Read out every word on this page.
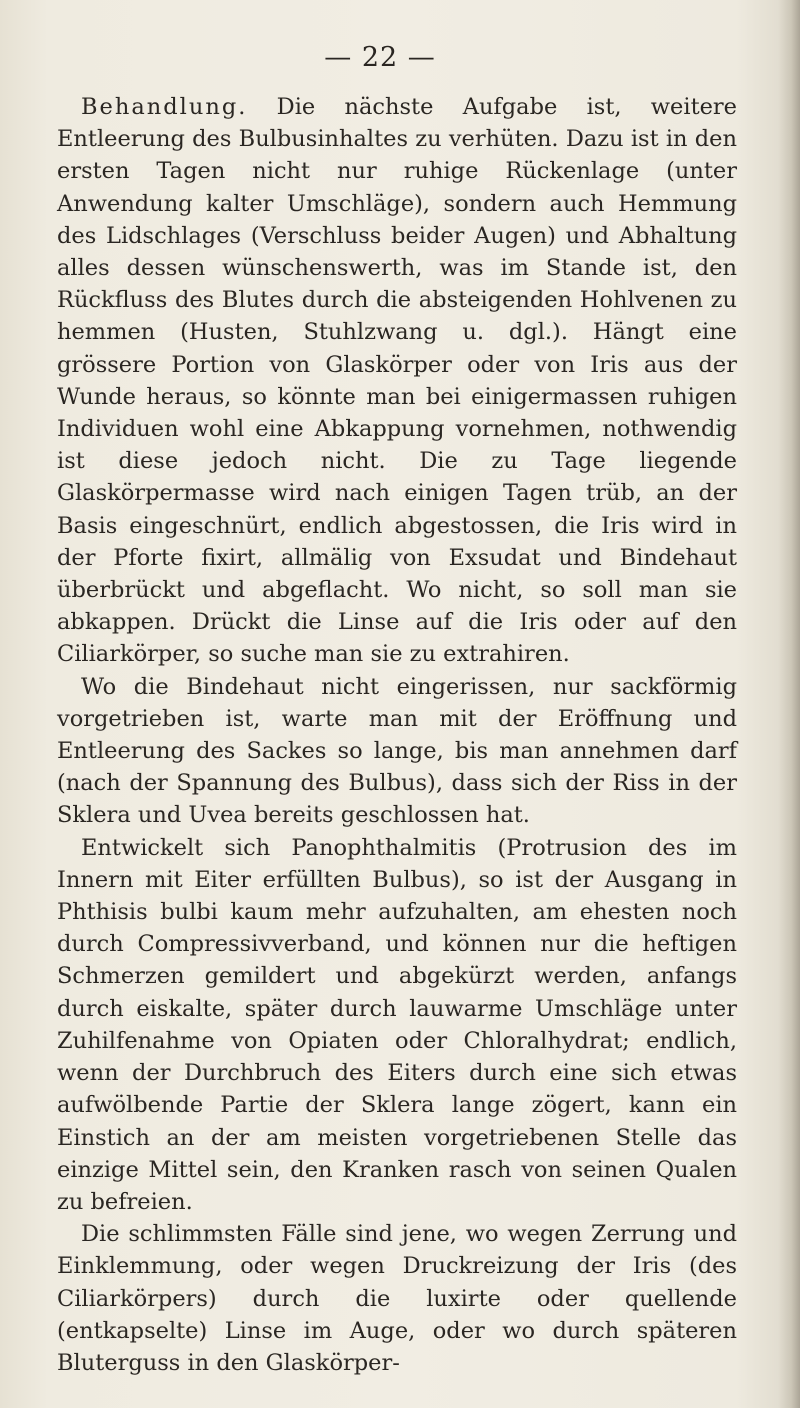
— 22 —

Behandlung. Die nächste Aufgabe ist, weitere Entleerung des Bulbusinhaltes zu verhüten. Dazu ist in den ersten Tagen nicht nur ruhige Rückenlage (unter Anwendung kalter Umschläge), sondern auch Hemmung des Lidschlages (Verschluss beider Augen) und Abhaltung alles dessen wünschenswerth, was im Stande ist, den Rückfluss des Blutes durch die absteigenden Hohlvenen zu hemmen (Husten, Stuhlzwang u. dgl.). Hängt eine grössere Portion von Glaskörper oder von Iris aus der Wunde heraus, so könnte man bei einigermassen ruhigen Individuen wohl eine Abkappung vornehmen, nothwendig ist diese jedoch nicht. Die zu Tage liegende Glaskörpermasse wird nach einigen Tagen trüb, an der Basis eingeschnürt, endlich abgestossen, die Iris wird in der Pforte fixirt, allmälig von Exsudat und Bindehaut überbrückt und abgeflacht. Wo nicht, so soll man sie abkappen. Drückt die Linse auf die Iris oder auf den Ciliarkörper, so suche man sie zu extrahiren.

Wo die Bindehaut nicht eingerissen, nur sackförmig vorgetrieben ist, warte man mit der Eröffnung und Entleerung des Sackes so lange, bis man annehmen darf (nach der Spannung des Bulbus), dass sich der Riss in der Sklera und Uvea bereits geschlossen hat.

Entwickelt sich Panophthalmitis (Protrusion des im Innern mit Eiter erfüllten Bulbus), so ist der Ausgang in Phthisis bulbi kaum mehr aufzuhalten, am ehesten noch durch Compressivverband, und können nur die heftigen Schmerzen gemildert und abgekürzt werden, anfangs durch eiskalte, später durch lauwarme Umschläge unter Zuhilfenahme von Opiaten oder Chloralhydrat; endlich, wenn der Durchbruch des Eiters durch eine sich etwas aufwölbende Partie der Sklera lange zögert, kann ein Einstich an der am meisten vorgetriebenen Stelle das einzige Mittel sein, den Kranken rasch von seinen Qualen zu befreien.

Die schlimmsten Fälle sind jene, wo wegen Zerrung und Einklemmung, oder wegen Druckreizung der Iris (des Ciliarkörpers) durch die luxirte oder quellende (entkapselte) Linse im Auge, oder wo durch späteren Bluterguss in den Glaskörper-
